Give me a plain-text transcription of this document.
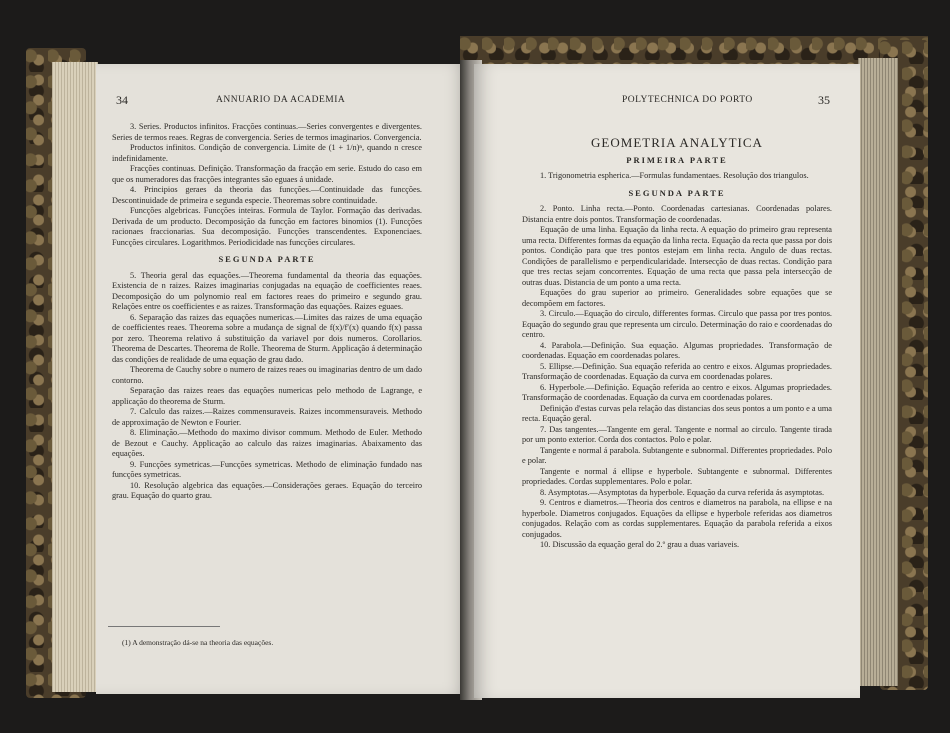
34	ANNUARIO DA ACADEMIA

3. Series. Productos infinitos. Fracções continuas.—Series convergentes e divergentes. Series de termos reaes. Regras de convergencia. Series de termos imaginarios. Convergencia.

Productos infinitos. Condição de convergencia. Limite de (1 + 1/n)ⁿ, quando n cresce indefinidamente.

Fracções continuas. Definição. Transformação da fracção em serie. Estudo do caso em que os numeradores das fracções integrantes são eguaes á unidade.

4. Principios geraes da theoria das funcções.—Continuidade das funcções. Descontinuidade de primeira e segunda especie. Theoremas sobre continuidade.

Funcções algebricas. Funcções inteiras. Formula de Taylor. Formação das derivadas. Derivada de um producto. Decomposição da funcção em factores binomios (1). Funcções racionaes fraccionarias. Sua decomposição. Funcções transcendentes. Exponenciaes. Funcções circulares. Logarithmos. Periodicidade nas funcções circulares.

SEGUNDA PARTE

5. Theoria geral das equações.—Theorema fundamental da theoria das equações. Existencia de n raizes. Raizes imaginarias conjugadas na equação de coefficientes reaes. Decomposição do um polynomio real em factores reaes do primeiro e segundo grau. Relações entre os coefficientes e as raizes. Transformação das equações. Raizes eguaes.

6. Separação das raizes das equações numericas.—Limites das raizes de uma equação de coefficientes reaes. Theorema sobre a mudança de signal de f(x)/f′(x) quando f(x) passa por zero. Theorema relativo á substituição da variavel por dois numeros. Corollarios. Theorema de Descartes. Theorema de Rolle. Theorema de Sturm. Applicação á determinação das condições de realidade de uma equação de grau dado.

Theorema de Cauchy sobre o numero de raizes reaes ou imaginarias dentro de um dado contorno.

Separação das raizes reaes das equações numericas pelo methodo de Lagrange, e applicação do theorema de Sturm.

7. Calculo das raizes.—Raizes commensuraveis. Raizes incommensuraveis. Methodo de approximação de Newton e Fourier.

8. Eliminação.—Methodo do maximo divisor commum. Methodo de Euler. Methodo de Bezout e Cauchy. Applicação ao calculo das raizes imaginarias. Abaixamento das equações.

9. Funcções symetricas.—Funcções symetricas. Methodo de eliminação fundado nas funcções symetricas.

10. Resolução algebrica das equações.—Considerações geraes. Equação do terceiro grau. Equação do quarto grau.

(1) A demonstração dá-se na theoria das equações.
POLYTECHNICA DO PORTO	35
GEOMETRIA ANALYTICA
PRIMEIRA PARTE

1. Trigonometria espherica.—Formulas fundamentaes. Resolução dos triangulos.

SEGUNDA PARTE

2. Ponto. Linha recta.—Ponto. Coordenadas cartesianas. Coordenadas polares. Distancia entre dois pontos. Transformação de coordenadas.

Equação de uma linha. Equação da linha recta. A equação do primeiro grau representa uma recta. Differentes formas da equação da linha recta. Equação da recta que passa por dois pontos. Condição para que tres pontos estejam em linha recta. Angulo de duas rectas. Condições de parallelismo e perpendicularidade. Intersecção de duas rectas. Condição para que tres rectas sejam concorrentes. Equação de uma recta que passa pela intersecção de outras duas. Distancia de um ponto a uma recta.

Equações do grau superior ao primeiro. Generalidades sobre equações que se decompõem em factores.

3. Circulo.—Equação do circulo, differentes formas. Circulo que passa por tres pontos. Equação do segundo grau que representa um circulo. Determinação do raio e coordenadas do centro.

4. Parabola.—Definição. Sua equação. Algumas propriedades. Transformação de coordenadas. Equação em coordenadas polares.

5. Ellipse.—Definição. Sua equação referida ao centro e eixos. Algumas propriedades. Transformação de coordenadas. Equação da curva em coordenadas polares.

6. Hyperbole.—Definição. Equação referida ao centro e eixos. Algumas propriedades. Transformação de coordenadas. Equação da curva em coordenadas polares.

Definição d'estas curvas pela relação das distancias dos seus pontos a um ponto e a uma recta. Equação geral.

7. Das tangentes.—Tangente em geral. Tangente e normal ao circulo. Tangente tirada por um ponto exterior. Corda dos contactos. Polo e polar.

Tangente e normal á parabola. Subtangente e subnormal. Differentes propriedades. Polo e polar.

Tangente e normal á ellipse e hyperbole. Subtangente e subnormal. Differentes propriedades. Cordas supplementares. Polo e polar.

8. Asymptotas.—Asymptotas da hyperbole. Equação da curva referida ás asymptotas.

9. Centros e diametros.—Theoria dos centros e diametros na parabola, na ellipse e na hyperbole. Diametros conjugados. Equações da ellipse e hyperbole referidas aos diametros conjugados. Relação com as cordas supplementares. Equação da parabola referida a eixos conjugados.

10. Discussão da equação geral do 2.º grau a duas variaveis.
